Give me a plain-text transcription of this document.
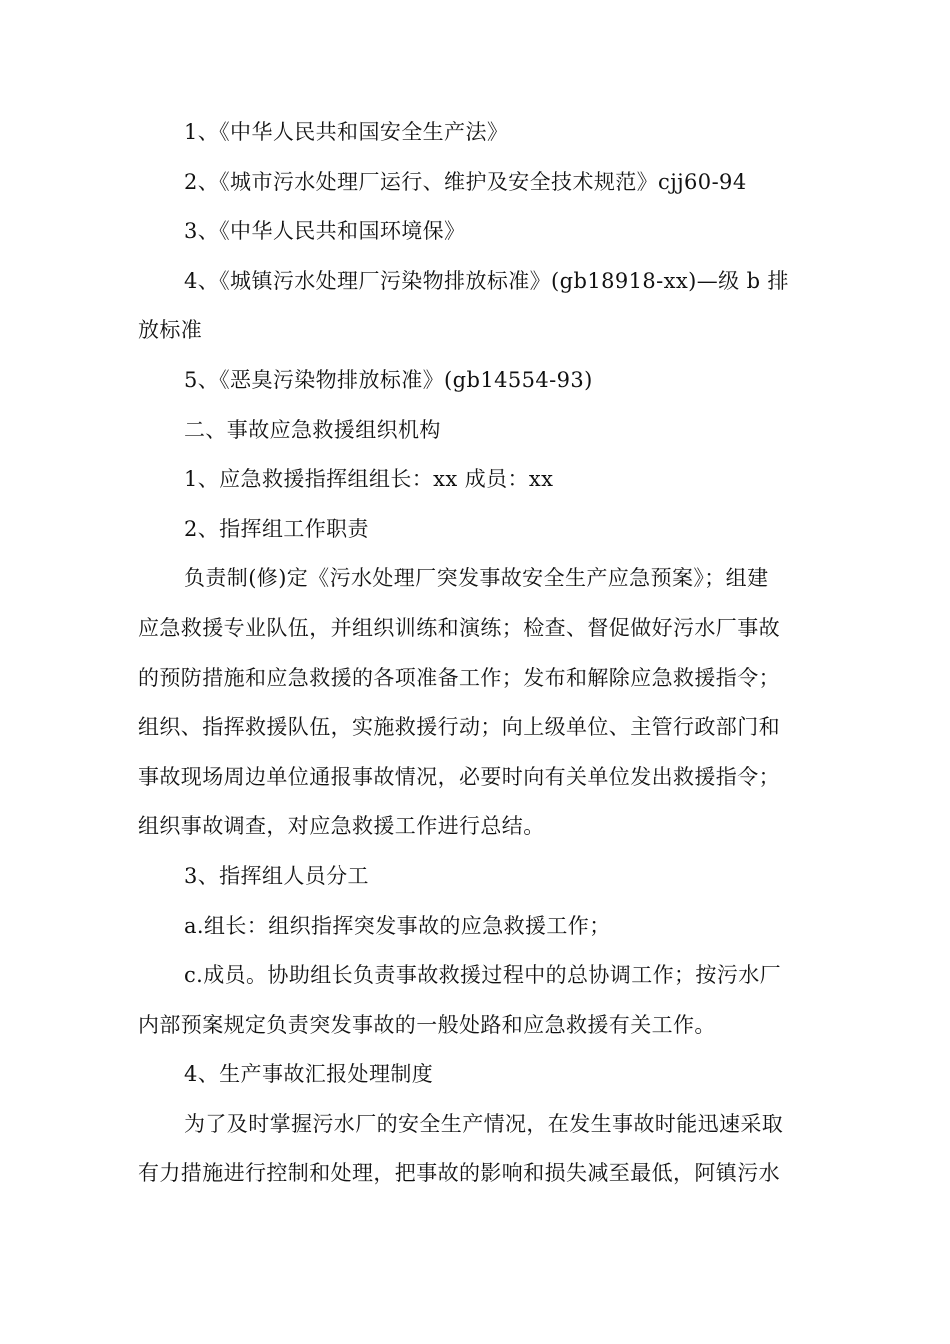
1、《中华人民共和国安全生产法》
2、《城市污水处理厂运行、维护及安全技术规范》cjj60-94
3、《中华人民共和国环境保》
4、《城镇污水处理厂污染物排放标准》(gb18918-xx)—级 b 排
放标准
5、《恶臭污染物排放标准》(gb14554-93)
二、事故应急救援组织机构
1、应急救援指挥组组长：xx 成员：xx
2、指挥组工作职责
负责制(修)定《污水处理厂突发事故安全生产应急预案》；组建
应急救援专业队伍，并组织训练和演练；检查、督促做好污水厂事故
的预防措施和应急救援的各项准备工作；发布和解除应急救援指令；
组织、指挥救援队伍，实施救援行动；向上级单位、主管行政部门和
事故现场周边单位通报事故情况，必要时向有关单位发出救援指令；
组织事故调查，对应急救援工作进行总结。
3、指挥组人员分工
a.组长：组织指挥突发事故的应急救援工作；
c.成员。协助组长负责事故救援过程中的总协调工作；按污水厂
内部预案规定负责突发事故的一般处路和应急救援有关工作。
4、生产事故汇报处理制度
为了及时掌握污水厂的安全生产情况，在发生事故时能迅速采取
有力措施进行控制和处理，把事故的影响和损失减至最低，阿镇污水
